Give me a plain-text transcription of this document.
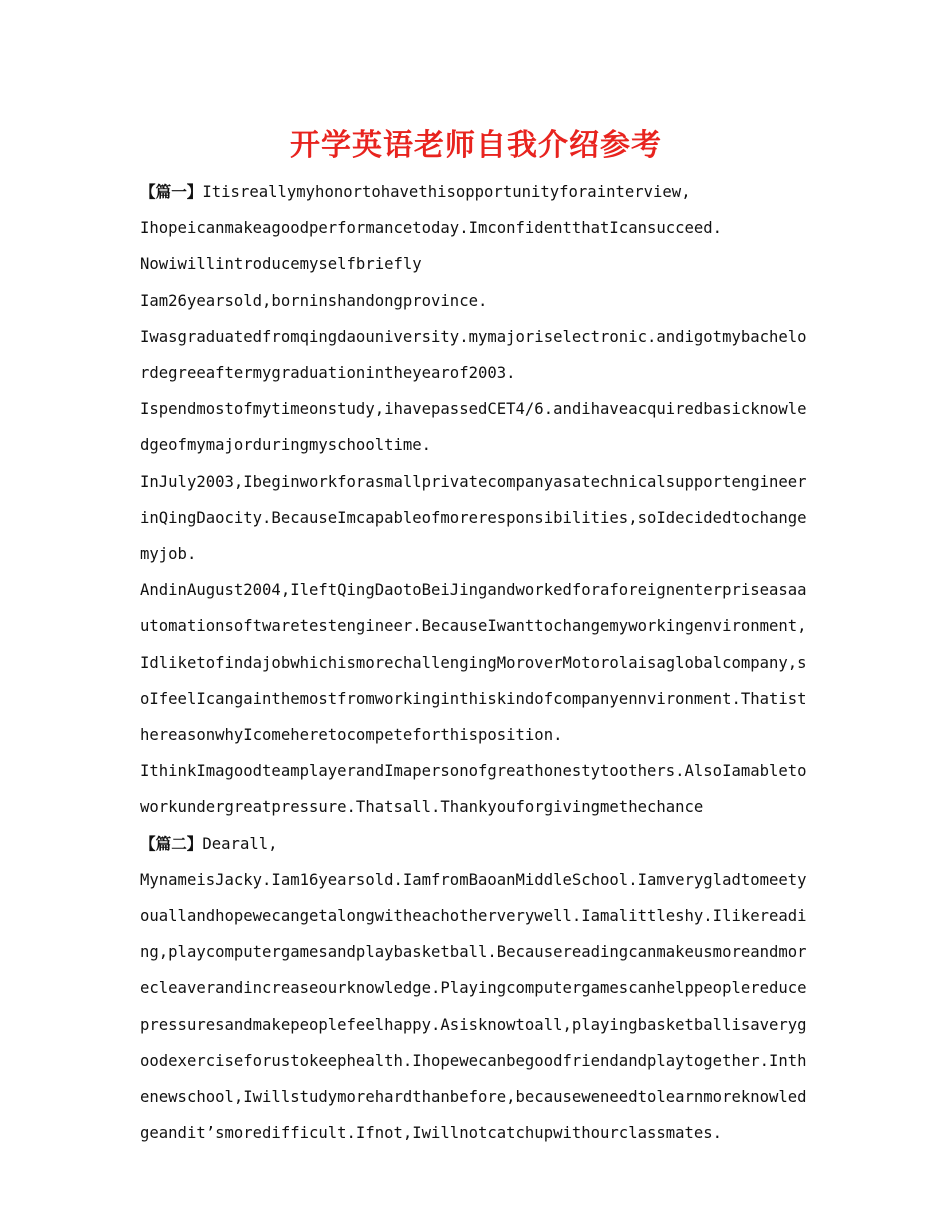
开学英语老师自我介绍参考

【篇一】Itisreallymyhonortohavethisopportunityforainterview,

Ihopeicanmakeagoodperformancetoday.ImconfidentthatIcansucceed.

Nowiwillintroducemyselfbriefly

Iam26yearsold,borninshandongprovince.

Iwasgraduatedfromqingdaouniversity.mymajoriselectronic.andigotmybachelordegreeaftermygraduationintheyearof2003.

Ispendmostofmytimeonstudy,ihavepassedCET4/6.andihaveacquiredbasicknowledgeofmymajorduringmyschooltime.

InJuly2003,IbeginworkforasmallprivatecompanyasatechnicalsupportengineerinQingDaocity.BecauseImcapableofmoreresponsibilities,soIdecidedtochangemyjob.

AndinAugust2004,IleftQingDaotoBeiJingandworkedforaforeignenterpriseasaautomationsoftwaretestengineer.BecauseIwanttochangemyworkingenvironment,IdliketofindajobwhichismorechallengingMoroverMotorolaisaglobalcompany,soIfeelIcangainthemostfromworkinginthiskindofcompanyennvironment.ThatisthereasonwhyIcomeheretocompeteforthisposition.

IthinkImagoodteamplayerandImapersonofgreathonestytoothers.AlsoIamabletoworkundergreatpressure.Thatsall.Thankyouforgivingmethechance

【篇二】Dearall,

MynameisJacky.Iam16yearsold.IamfromBaoanMiddleSchool.Iamverygladtomeetyouallandhopewecangetalongwitheachotherverywell.Iamalittleshy.Ilikereading,playcomputergamesandplaybasketball.Becausereadingcanmakeusmoreandmorecleaverandincreaseourknowledge.Playingcomputergamescanhelppeoplereducepressuresandmakepeoplefeelhappy.Asisknowtoall,playingbasketballisaverygoodexerciseforustokeephealth.Ihopewecanbegoodfriendandplaytogether.Inthenewschool,Iwillstudymorehardthanbefore,becauseweneedtolearnmoreknowledgeandit’smoredifficult.Ifnot,Iwillnotcatchupwithourclassmates.
